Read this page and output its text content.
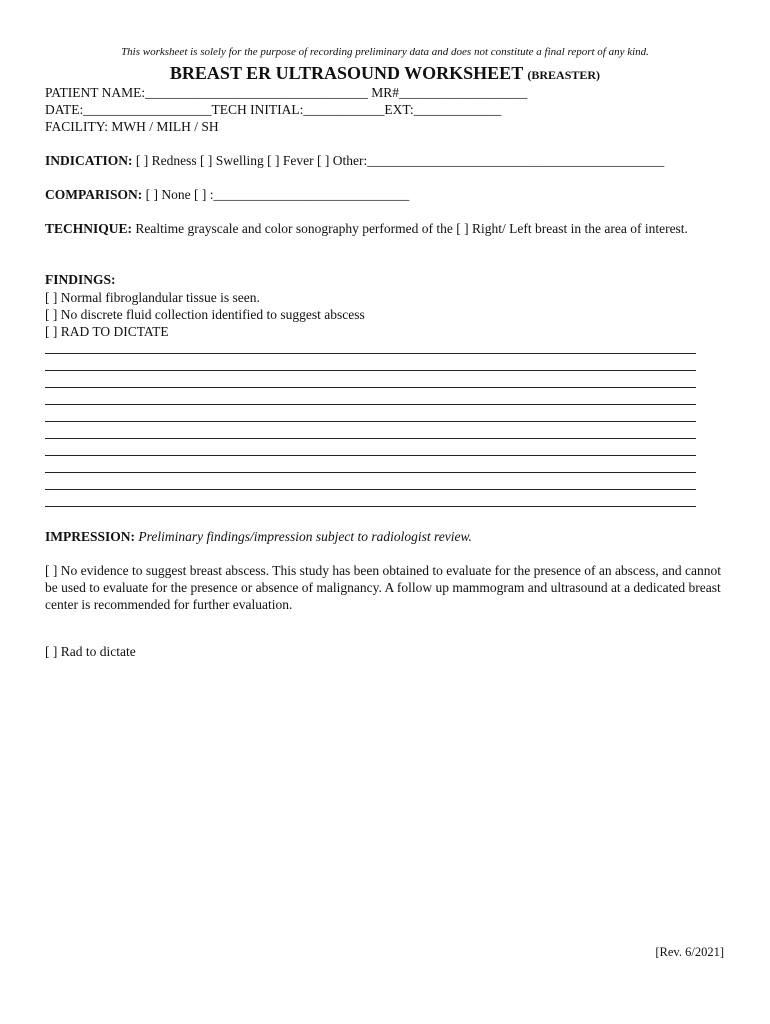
This worksheet is solely for the purpose of recording preliminary data and does not constitute a final report of any kind.
BREAST ER ULTRASOUND WORKSHEET (BREASTER)
PATIENT NAME:_________________________________ MR#___________________
DATE:___________________TECH INITIAL:____________EXT:_____________
FACILITY: MWH / MILH / SH
INDICATION: [ ] Redness [ ] Swelling [ ] Fever [ ] Other:____________________________________________
COMPARISON: [ ] None [ ] :_____________________________
TECHNIQUE: Realtime grayscale and color sonography performed of the [ ] Right/ Left breast in the area of interest.
FINDINGS:
[ ] Normal fibroglandular tissue is seen.
[ ] No discrete fluid collection identified to suggest abscess
[ ] RAD TO DICTATE
IMPRESSION: Preliminary findings/impression subject to radiologist review.
[ ] No evidence to suggest breast abscess. This study has been obtained to evaluate for the presence of an abscess, and cannot be used to evaluate for the presence or absence of malignancy. A follow up mammogram and ultrasound at a dedicated breast center is recommended for further evaluation.
[ ] Rad to dictate
[Rev. 6/2021]
